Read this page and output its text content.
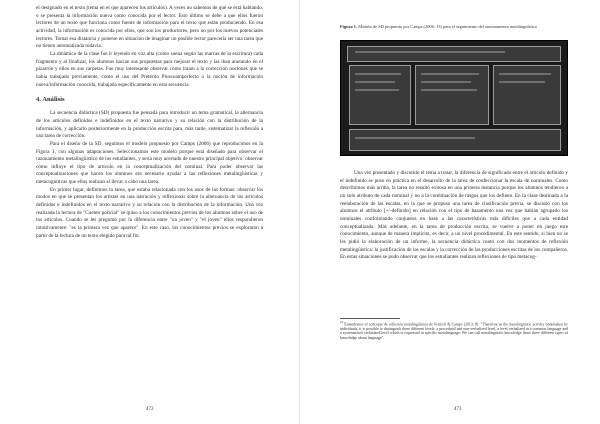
el designado en el texto (tema en el que aparecen los artículos). A veces no sabemos de qué se está hablando, o se presenta la información nueva como conocida por el lector. Esto último se debe a que ellos fueron lectores de un texto que funciona como fuente de información para el texto que están produciendo. En esa actividad, la información es conocida por ellos, que son los productores, pero no por los nuevos potenciales lectores. Tomar esa distancia y ponerse en situación de imaginar un posible lector parecería ser una tarea que no tienen automatizada todavía.

La dinámica de la clase fue ir leyendo en voz alta (como suena según las marcas de la escritura) cada fragmento y al finalizar, los alumnos hacían sus propuestas para mejorar el texto y las iban anotando en el pizarrón y ellos en sus carpetas. Fue muy interesante observar cómo traían a la corrección nociones que se había trabajado previamente, como el uso del Pretérito Pluscuamperfecto o la noción de información nueva/información conocida, trabajada específicamente en esta secuencia.

4. Análisis

La secuencia didáctica (SD) propuesta fue pensada para introducir un tema gramatical, la alternancia de los artículos definidos e indefinidos en el texto narrativo y su relación con la distribución de la información, y aplicarlo posteriormente en la producción escrita para, más tarde, sistematizar la reflexión a una tarea de corrección.

Para el diseño de la SD, seguimos el modelo propuesto por Camps (2006) que reproducimos en la Figura 1, con algunas adaptaciones. Seleccionamos este modelo porque está diseñado para observar el razonamiento metalingüístico de los estudiantes, y sería muy acertado de nuestro principal objetivo: observar cómo influye el tipo de artículo en la conceptualización del nominal. Para poder observar las conceptualizaciones que hacen los alumnos era necesario ayudar a las reflexiones metalingüísticas y metacognitivas que ellos realizan al llevar a cabo una tarea.

En primer lugar, definimos la tarea, que estaba relacionada con los usos de las formas: observar los modos en que se presentan los artistas en una narración y reflexionar sobre la alternancia de los artículos definidos e indefinidos en el texto narrativo y su relación con la distribución de la información. Una vez realizada la lectura de "Cuento policial" se quiso a los conocimientos previos de los alumnos sobre el uso de los artículos. Cuando se les preguntó por la diferencia entre "un joven" y "el joven" ellos respondieron intuitivamente: "es la primera vez que aparece". En este caso, los conocimientos previos se exploraron a partir de la lectura de un texto elegido para tal fin.

472
Figura 1. Modelo de SD propuesto por Camps (2006: 13) para el seguimiento del razonamiento metalingüístico

Una vez presentado y discutido el tema a tratar, la diferencia de significado entre el artículo definido y el indefinido se puso en práctica en el desarrollo de la tarea de confeccionar la escala de nominales. Como describimos más arriba, la tarea no resultó exitosa en una primera instancia porque los alumnos tendieron a un solo atributo de cada nominal y no a la combinación de rasgos que los definen. En la clase destinada a la reelaboración de las escalas, en la que se propuso una tarea de clasificación previa, se discutió con los alumnos el atributo [+/-definido] en relación con el tipo de basamento una vez que habían agrupado los nominales conformando conjuntos en base a las características más difíciles que a cada entidad conceptualizada. Más adelante, en la tarea de producción escrita, se vuelve a poner en juego este conocimiento, aunque de manera implícita, es decir, a un nivel procedimental. En este sentido, si bien no se les pidió la elaboración de un informe, la secuencia didáctica contó con dos momentos de reflexión metalingüística: la justificación de las escalas y la corrección de las producciones escritas de los compañeros. En estas situaciones se pudo observar que los estudiantes realizan reflexiones de tipo metacog-

$^{19}$ Entendemos el concepto de reflexión metalingüística de Fontich & Camps (2013: 8): "Therefore as the metalinguistic activity undertaken by individuals, it is possible to distinguish three different levels: a procedural and non-verbalized level, a level verbalized in a common language and a systematised verbalized level which is expressed in specific metalanguage. We can call metalinguistic knowledge those three different types of knowledge about language".
473
